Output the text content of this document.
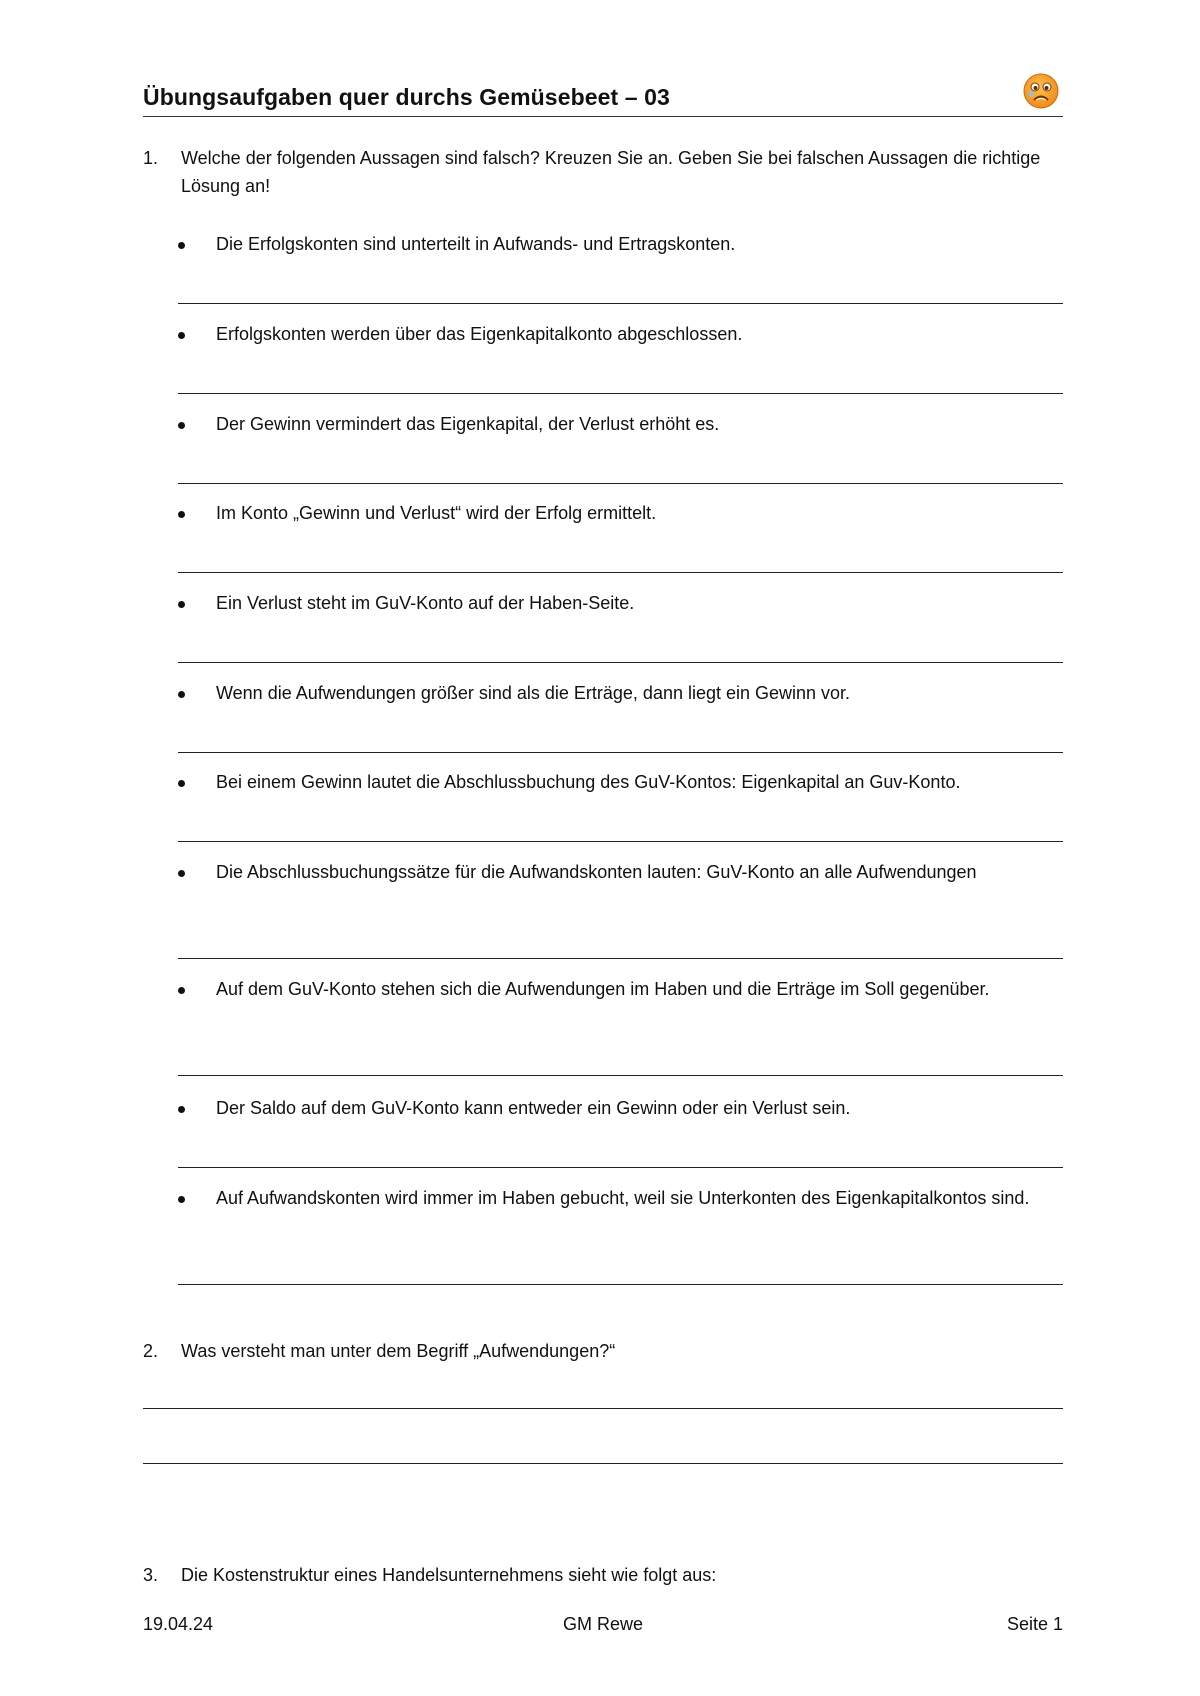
Übungsaufgaben quer durchs Gemüsebeet – 03
1. Welche der folgenden Aussagen sind falsch? Kreuzen Sie an. Geben Sie bei falschen Aussagen die richtige Lösung an!
Die Erfolgskonten sind unterteilt in Aufwands- und Ertragskonten.
Erfolgskonten werden über das Eigenkapitalkonto abgeschlossen.
Der Gewinn vermindert das Eigenkapital, der Verlust erhöht es.
Im Konto „Gewinn und Verlust“ wird der Erfolg ermittelt.
Ein Verlust steht im GuV-Konto auf der Haben-Seite.
Wenn die Aufwendungen größer sind als die Erträge, dann liegt ein Gewinn vor.
Bei einem Gewinn lautet die Abschlussbuchung des GuV-Kontos: Eigenkapital an Guv-Konto.
Die Abschlussbuchungssätze für die Aufwandskonten lauten: GuV-Konto an alle Aufwendungen
Auf dem GuV-Konto stehen sich die Aufwendungen im Haben und die Erträge im Soll gegenüber.
Der Saldo auf dem GuV-Konto kann entweder ein Gewinn oder ein Verlust sein.
Auf Aufwandskonten wird immer im Haben gebucht, weil sie Unterkonten des Eigenkapitalkontos sind.
2. Was versteht man unter dem Begriff „Aufwendungen?“
3. Die Kostenstruktur eines Handelsunternehmens sieht wie folgt aus:
19.04.24	GM Rewe	Seite 1
